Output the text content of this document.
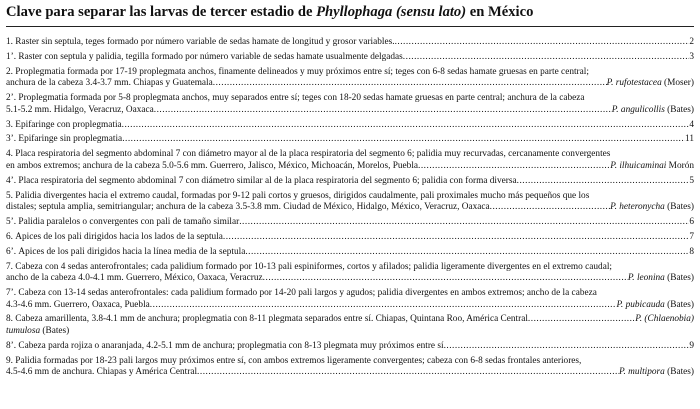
Clave para separar las larvas de tercer estadio de Phyllophaga (sensu lato) en México
1. Raster sin septula, teges formado por número variable de sedas hamate de longitud y grosor variables. .....	2
1’. Raster con septula y palidia, tegilla formado por número variable de sedas hamate usualmente delgadas .....	3
2. Proplegmatia formada por 17-19 proplegmata anchos, finamente delineados y muy próximos entre sí; teges con 6-8 sedas hamate gruesas en parte central;
anchura de la cabeza 3.4-3.7 mm. Chiapas y Guatemala .....	P. rufotestacea (Moser)
2’. Proplegmatia formada por 5-8 proplegmata anchos, muy separados entre sí; teges con 18-20 sedas hamate gruesas en parte central; anchura de la cabeza
5.1-5.2 mm. Hidalgo, Veracruz, Oaxaca .....	P. angulicollis (Bates)
3. Epifaringe con proplegmatia .....	4
3’. Epifaringe sin proplegmatia .....	11
4. Placa respiratoria del segmento abdominal 7 con diámetro mayor al de la placa respiratoria del segmento 6; palidia muy recurvadas, cercanamente convergentes
en ambos extremos; anchura de la cabeza 5.0-5.6 mm. Guerrero, Jalisco, México, Michoacán, Morelos, Puebla .....	P. ilhuicaminai Morón
4’. Placa respiratoria del segmento abdominal 7 con diámetro similar al de la placa respiratoria del segmento 6; palidia con forma diversa .....	5
5. Palidia divergentes hacia el extremo caudal, formadas por 9-12 pali cortos y gruesos, dirigidos caudalmente, pali proximales mucho más pequeños que los
distales; septula amplia, semitriangular; anchura de la cabeza 3.5-3.8 mm. Ciudad de México, Hidalgo, México, Veracruz, Oaxaca .....	P. heteronycha (Bates)
5’. Palidia paralelos o convergentes con pali de tamaño similar .....	6
6. Ápices de los pali dirigidos hacia los lados de la septula .....	7
6’. Ápices de los pali dirigidos hacia la línea media de la septula .....	8
7. Cabeza con 4 sedas anterofrontales; cada palidium formado por 10-13 pali espiniformes, cortos y afilados; palidia ligeramente divergentes en el extremo caudal;
ancho de la cabeza 4.0-4.1 mm. Guerrero, México, Oaxaca, Veracruz .....	P. leonina (Bates)
7’. Cabeza con 13-14 sedas anterofrontales: cada palidium formado por 14-20 pali largos y agudos; palidia divergentes en ambos extremos; ancho de la cabeza
4.3-4.6 mm. Guerrero, Oaxaca, Puebla .....	P. pubicauda (Bates)
8. Cabeza amarillenta, 3.8-4.1 mm de anchura; proplegmatia con 8-11 plegmata separados entre sí. Chiapas, Quintana Roo, América Central .....	P. (Chlaenobia)
tumulosa (Bates)
8’. Cabeza parda rojiza o anaranjada, 4.2-5.1 mm de anchura; proplegmatia con 8-13 plegmata muy próximos entre sí .....	9
9. Palidia formadas por 18-23 pali largos muy próximos entre sí, con ambos extremos ligeramente convergentes; cabeza con 6-8 sedas frontales anteriores,
4.5-4.6 mm de anchura. Chiapas y América Central .....	P. multipora (Bates)
